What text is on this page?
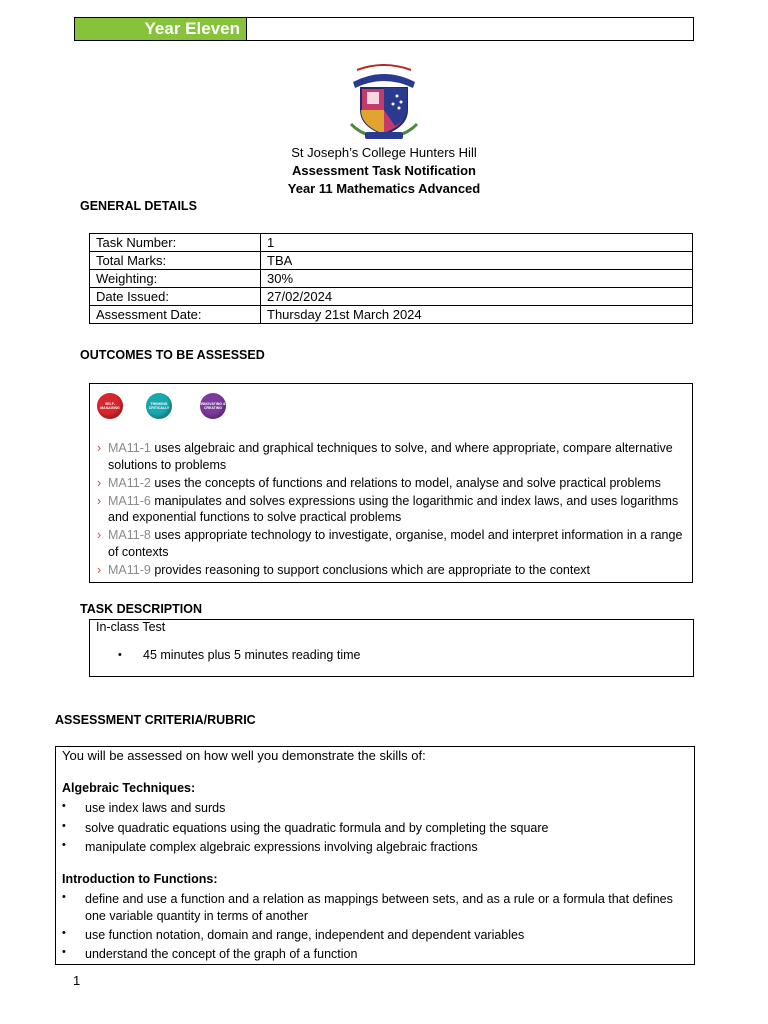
Year Eleven
St Joseph’s College Hunters Hill
Assessment Task Notification
Year 11 Mathematics Advanced
GENERAL DETAILS
Task Number:	1
Total Marks:	TBA
Weighting:	30%
Date Issued:	27/02/2024
Assessment Date:	Thursday 21st March 2024
OUTCOMES TO BE ASSESSED
SELF-MANAGING
THINKING CRITICALLY
INNOVATING & CREATING
› MA11-1 uses algebraic and graphical techniques to solve, and where appropriate, compare alternative solutions to problems
› MA11-2 uses the concepts of functions and relations to model, analyse and solve practical problems
› MA11-6 manipulates and solves expressions using the logarithmic and index laws, and uses logarithms and exponential functions to solve practical problems
› MA11-8 uses appropriate technology to investigate, organise, model and interpret information in a range of contexts
› MA11-9 provides reasoning to support conclusions which are appropriate to the context
TASK DESCRIPTION
In-class Test
• 45 minutes plus 5 minutes reading time
ASSESSMENT CRITERIA/RUBRIC
You will be assessed on how well you demonstrate the skills of:
Algebraic Techniques:
• use index laws and surds
• solve quadratic equations using the quadratic formula and by completing the square
• manipulate complex algebraic expressions involving algebraic fractions
Introduction to Functions:
• define and use a function and a relation as mappings between sets, and as a rule or a formula that defines one variable quantity in terms of another
• use function notation, domain and range, independent and dependent variables
• understand the concept of the graph of a function
1
